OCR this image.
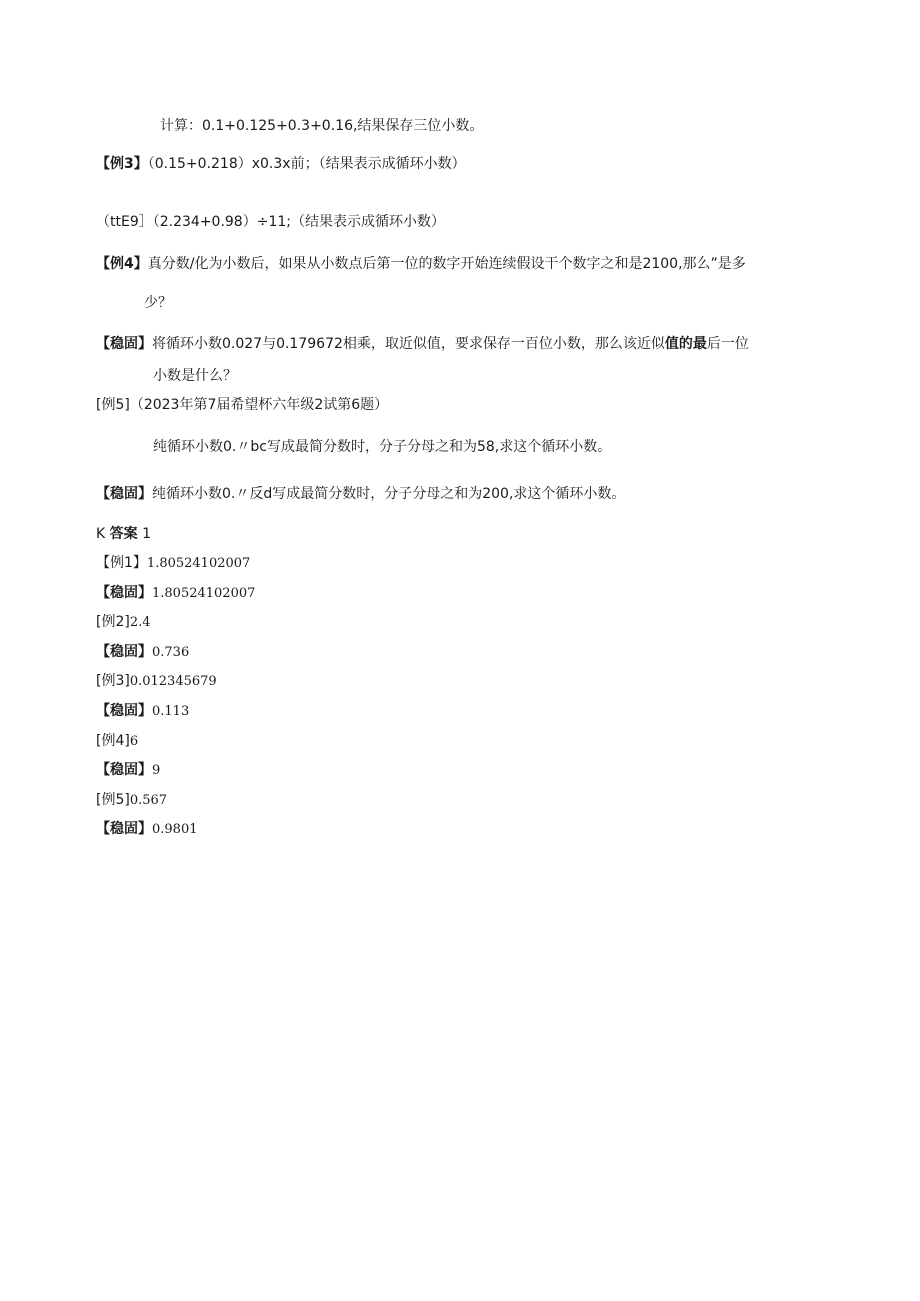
计算：0.1+0.125+0.3+0.16,结果保存三位小数。
【例3】（0.15+0.218）x0.3x前；（结果表示成循环小数）
（ttE9］（2.234+0.98）÷11;（结果表示成循环小数）
【例4】真分数/化为小数后，如果从小数点后第一位的数字开始连续假设干个数字之和是2100,那么”是多
少？
【稳固】将循环小数0.027与0.179672相乘，取近似值，要求保存一百位小数，那么该近似值的最后一位
小数是什么？
[例5]（2023年第7届希望杯六年级2试第6题）
纯循环小数0.〃bc写成最简分数时，分子分母之和为58,求这个循环小数。
【稳固】纯循环小数0.〃反d写成最简分数时，分子分母之和为200,求这个循环小数。
K 答案 1
【例1】1.80524102007
【稳固】1.80524102007
[例2]2.4
【稳固】0.736
[例3]0.012345679
【稳固】0.113
[例4]6
【稳固】9
[例5]0.567
【稳固】0.9801
